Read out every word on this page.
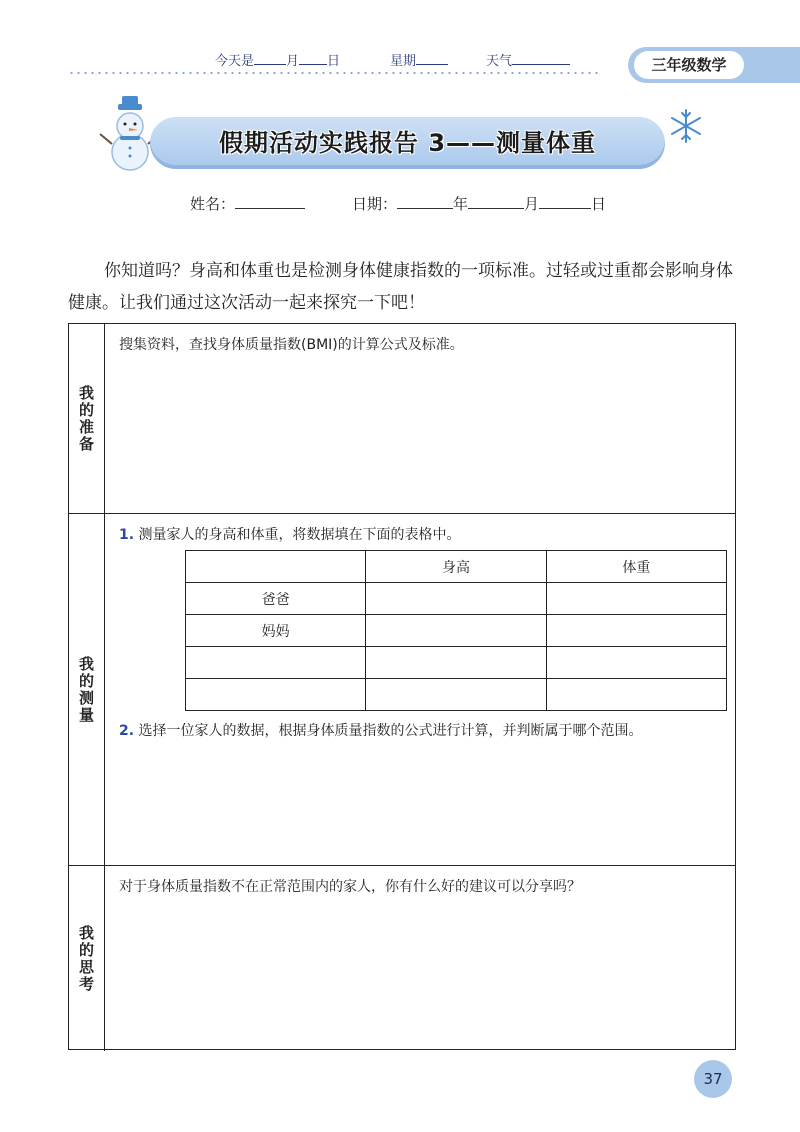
今天是 月 日	星期	天气	三年级数学
假期活动实践报告 3——测量体重
姓名：	日期：	年	月	日

你知道吗？身高和体重也是检测身体健康指数的一项标准。过轻或过重都会影响身体健康。让我们通过这次活动一起来探究一下吧！

我的准备
搜集资料，查找身体质量指数(BMI)的计算公式及标准。
我的测量
1. 测量家人的身高和体重，将数据填在下面的表格中。
	身高	体重
爸爸		
妈妈		

2. 选择一位家人的数据，根据身体质量指数的公式进行计算，并判断属于哪个范围。
我的思考
对于身体质量指数不在正常范围内的家人，你有什么好的建议可以分享吗？
37
